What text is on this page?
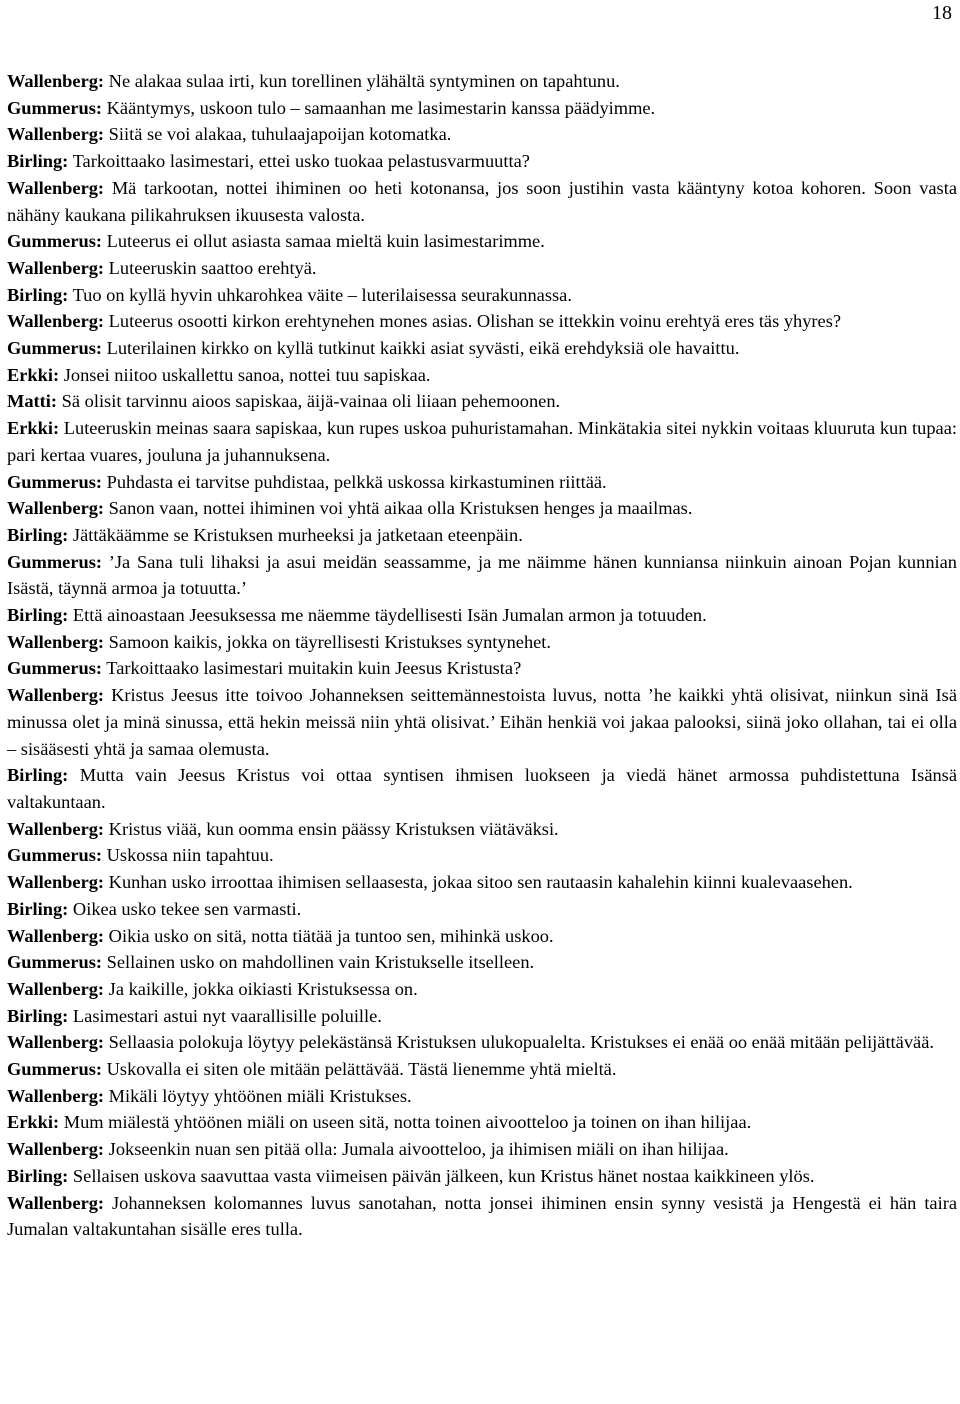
18
Wallenberg: Ne alakaa sulaa irti, kun torellinen ylähältä syntyminen on tapahtunu.
Gummerus: Kääntymys, uskoon tulo – samaanhan me lasimestarin kanssa päädyimme.
Wallenberg: Siitä se voi alakaa, tuhulaajapoijan kotomatka.
Birling: Tarkoittaako lasimestari, ettei usko tuokaa pelastusvarmuutta?
Wallenberg: Mä tarkootan, nottei ihiminen oo heti kotonansa, jos soon justihin vasta kääntyny kotoa kohoren. Soon vasta nähäny kaukana pilikahruksen ikuusesta valosta.
Gummerus: Luteerus ei ollut asiasta samaa mieltä kuin lasimestarimme.
Wallenberg: Luteeruskin saattoo erehtyä.
Birling: Tuo on kyllä hyvin uhkarohkea väite – luterilaisessa seurakunnassa.
Wallenberg: Luteerus osootti kirkon erehtynehen mones asias. Olishan se ittekkin voinu erehtyä eres täs yhyres?
Gummerus: Luterilainen kirkko on kyllä tutkinut kaikki asiat syvästi, eikä erehdyksiä ole havaittu.
Erkki: Jonsei niitoo uskallettu sanoa, nottei tuu sapiskaa.
Matti: Sä olisit tarvinnu aioos sapiskaa, äijä-vainaa oli liiaan pehemoonen.
Erkki: Luteeruskin meinas saara sapiskaa, kun rupes uskoa puhuristamahan. Minkätakia sitei nykkin voitaas kluuruta kun tupaa: pari kertaa vuares, jouluna ja juhannuksena.
Gummerus: Puhdasta ei tarvitse puhdistaa, pelkkä uskossa kirkastuminen riittää.
Wallenberg: Sanon vaan, nottei ihiminen voi yhtä aikaa olla Kristuksen henges ja maailmas.
Birling: Jättäkäämme se Kristuksen murheeksi ja jatketaan eteenpäin.
Gummerus: ’Ja Sana tuli lihaksi ja asui meidän seassamme, ja me näimme hänen kunniansa niinkuin ainoan Pojan kunnian Isästä, täynnä armoa ja totuutta.’
Birling: Että ainoastaan Jeesuksessa me näemme täydellisesti Isän Jumalan armon ja totuuden.
Wallenberg: Samoon kaikis, jokka on täyrellisesti Kristukses syntynehet.
Gummerus: Tarkoittaako lasimestari muitakin kuin Jeesus Kristusta?
Wallenberg: Kristus Jeesus itte toivoo Johanneksen seittemännestoista luvus, notta ’he kaikki yhtä olisivat, niinkun sinä Isä minussa olet ja minä sinussa, että hekin meissä niin yhtä olisivat.’ Eihän henkiä voi jakaa palooksi, siinä joko ollahan, tai ei olla – sisääsesti yhtä ja samaa olemusta.
Birling: Mutta vain Jeesus Kristus voi ottaa syntisen ihmisen luokseen ja viedä hänet armossa puhdistettuna Isänsä valtakuntaan.
Wallenberg: Kristus viää, kun oomma ensin päässy Kristuksen viätäväksi.
Gummerus: Uskossa niin tapahtuu.
Wallenberg: Kunhan usko irroottaa ihimisen sellaasesta, jokaa sitoo sen rautaasin kahalehin kiinni kualevaasehen.
Birling: Oikea usko tekee sen varmasti.
Wallenberg: Oikia usko on sitä, notta tiätää ja tuntoo sen, mihinkä uskoo.
Gummerus: Sellainen usko on mahdollinen vain Kristukselle itselleen.
Wallenberg: Ja kaikille, jokka oikiasti Kristuksessa on.
Birling: Lasimestari astui nyt vaarallisille poluille.
Wallenberg: Sellaasia polokuja löytyy pelekästänsä Kristuksen ulukopualelta. Kristukses ei enää oo enää mitään pelijättävää.
Gummerus: Uskovalla ei siten ole mitään pelättävää. Tästä lienemme yhtä mieltä.
Wallenberg: Mikäli löytyy yhtöönen miäli Kristukses.
Erkki: Mum miälestä yhtöönen miäli on useen sitä, notta toinen aivootteloo ja toinen on ihan hilijaa.
Wallenberg: Jokseenkin nuan sen pitää olla: Jumala aivootteloo, ja ihimisen miäli on ihan hilijaa.
Birling: Sellaisen uskova saavuttaa vasta viimeisen päivän jälkeen, kun Kristus hänet nostaa kaikkineen ylös.
Wallenberg: Johanneksen kolomannes luvus sanotahan, notta jonsei ihiminen ensin synny vesistä ja Hengestä ei hän taira Jumalan valtakuntahan sisälle eres tulla.
